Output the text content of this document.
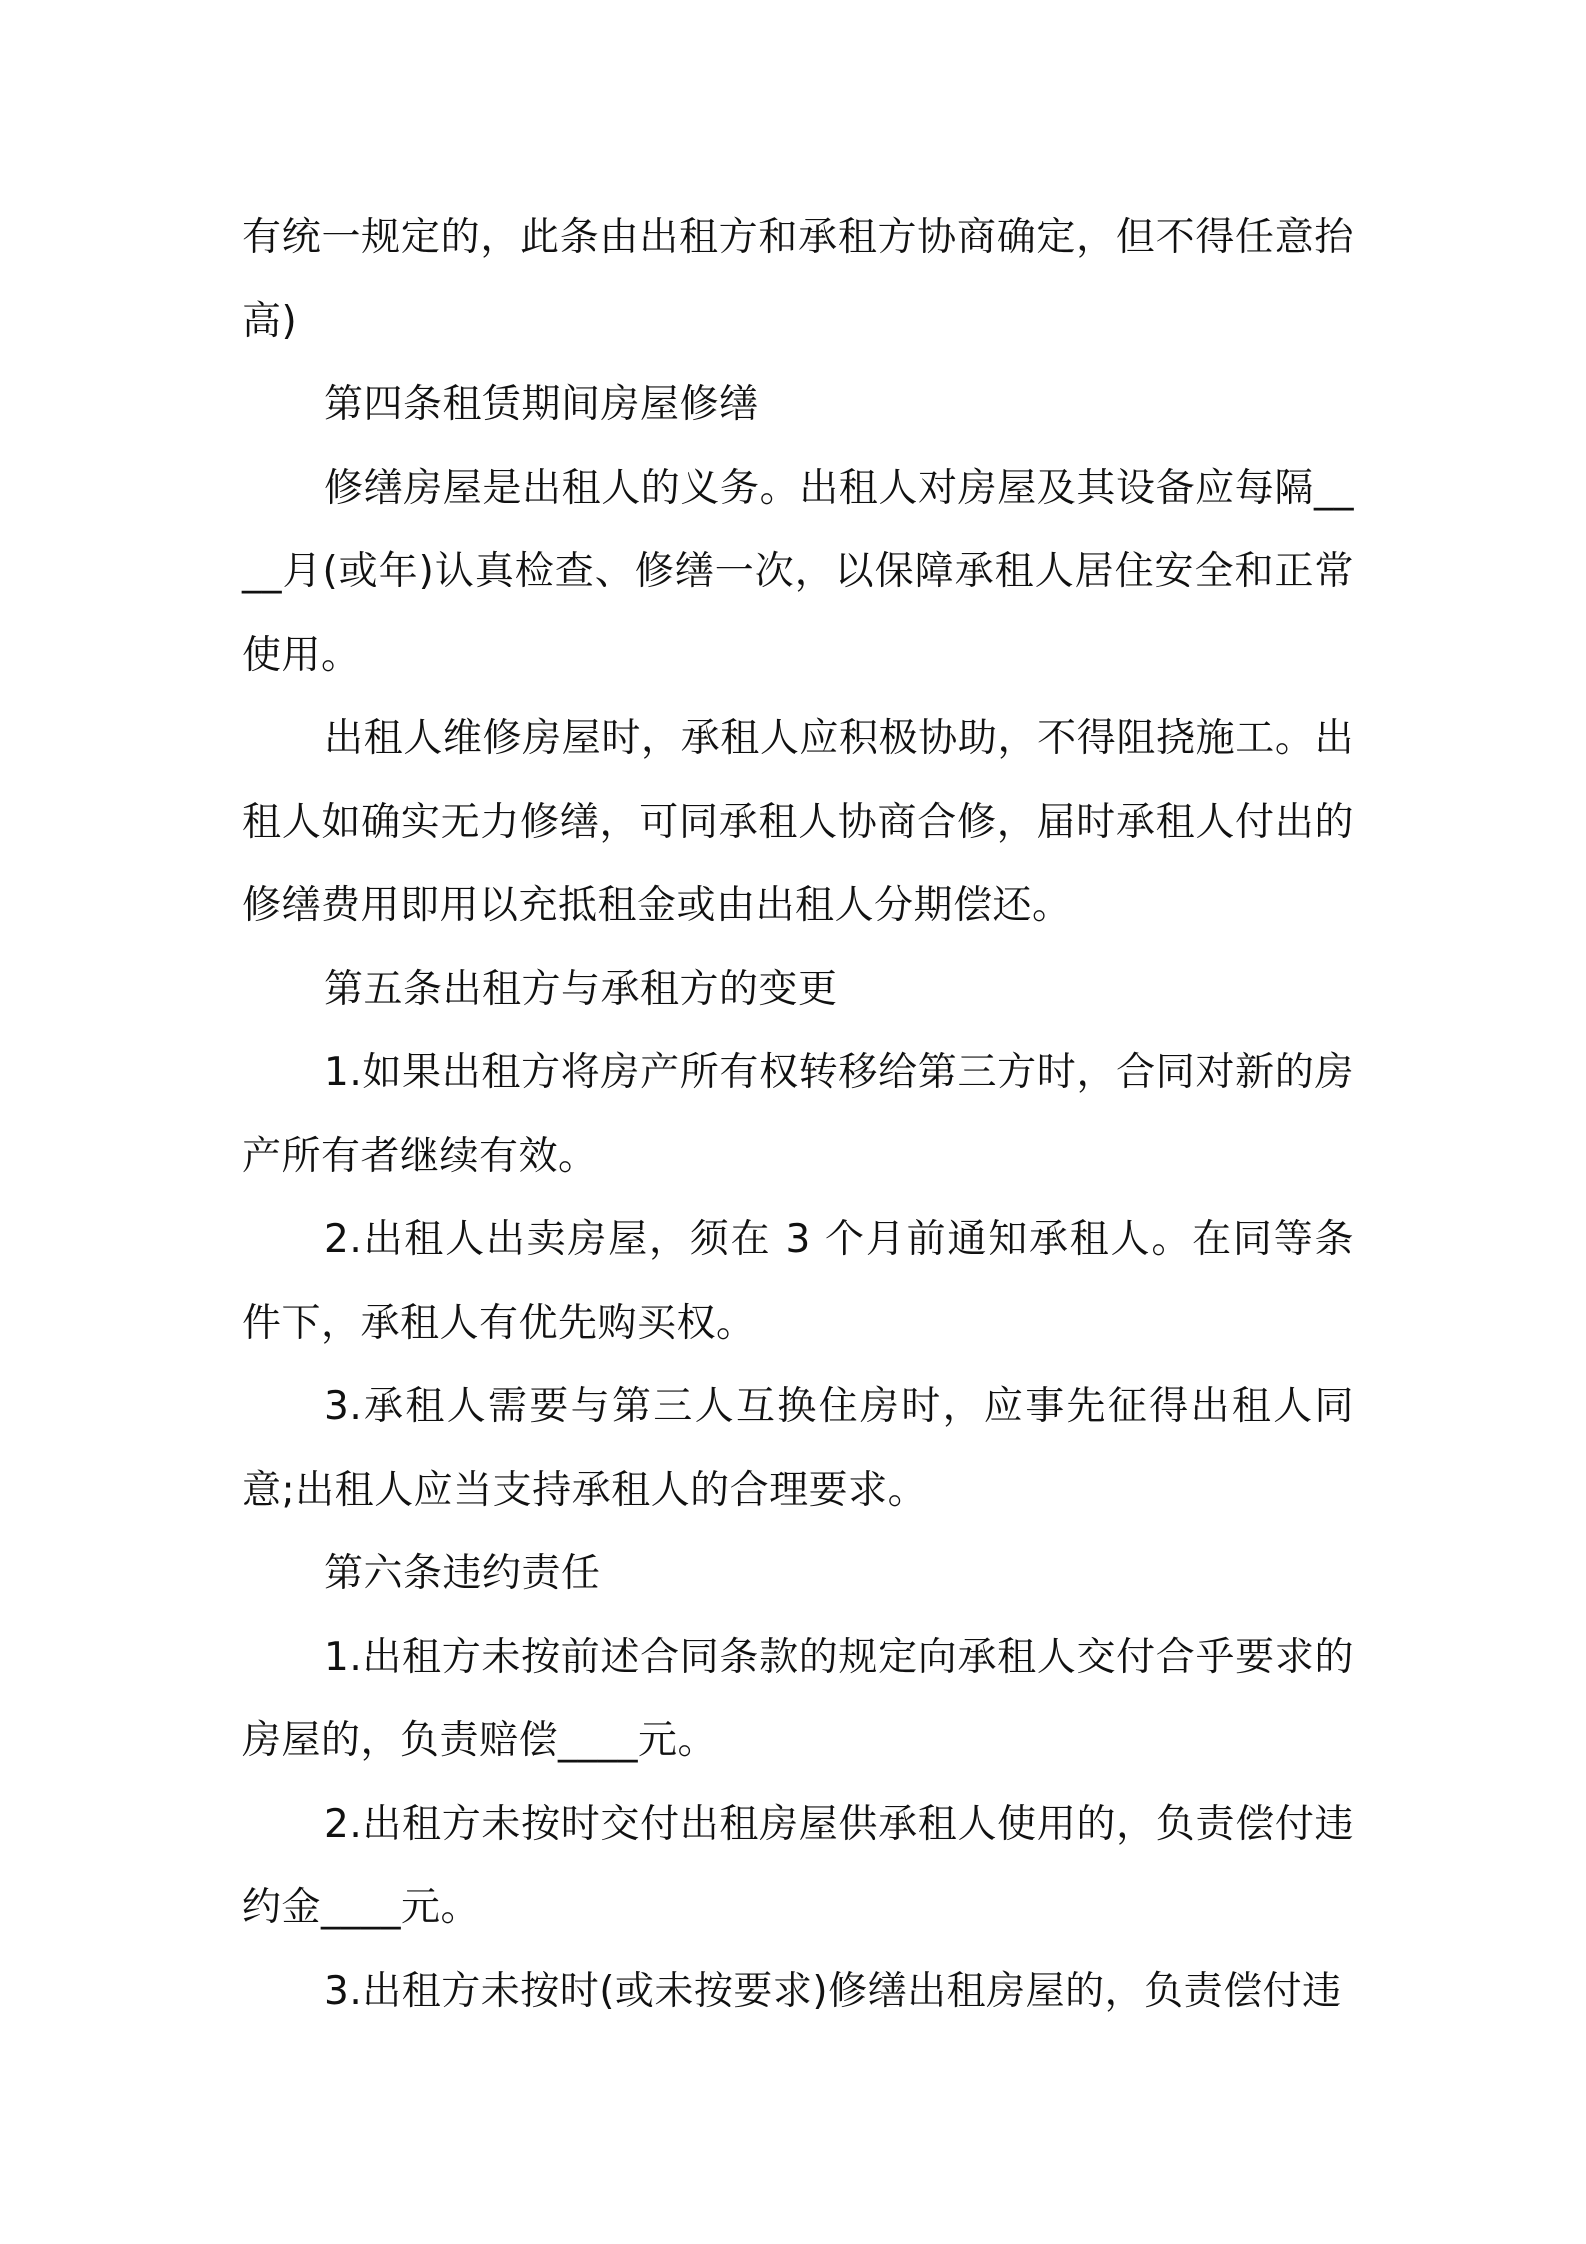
有统一规定的，此条由出租方和承租方协商确定，但不得任意抬高)

第四条租赁期间房屋修缮

修缮房屋是出租人的义务。出租人对房屋及其设备应每隔____月(或年)认真检查、修缮一次，以保障承租人居住安全和正常使用。

出租人维修房屋时，承租人应积极协助，不得阻挠施工。出租人如确实无力修缮，可同承租人协商合修，届时承租人付出的修缮费用即用以充抵租金或由出租人分期偿还。

第五条出租方与承租方的变更

1.如果出租方将房产所有权转移给第三方时，合同对新的房产所有者继续有效。

2.出租人出卖房屋，须在 3 个月前通知承租人。在同等条件下，承租人有优先购买权。

3.承租人需要与第三人互换住房时，应事先征得出租人同意;出租人应当支持承租人的合理要求。

第六条违约责任

1.出租方未按前述合同条款的规定向承租人交付合乎要求的房屋的，负责赔偿____元。

2.出租方未按时交付出租房屋供承租人使用的，负责偿付违约金____元。

3.出租方未按时(或未按要求)修缮出租房屋的，负责偿付违
